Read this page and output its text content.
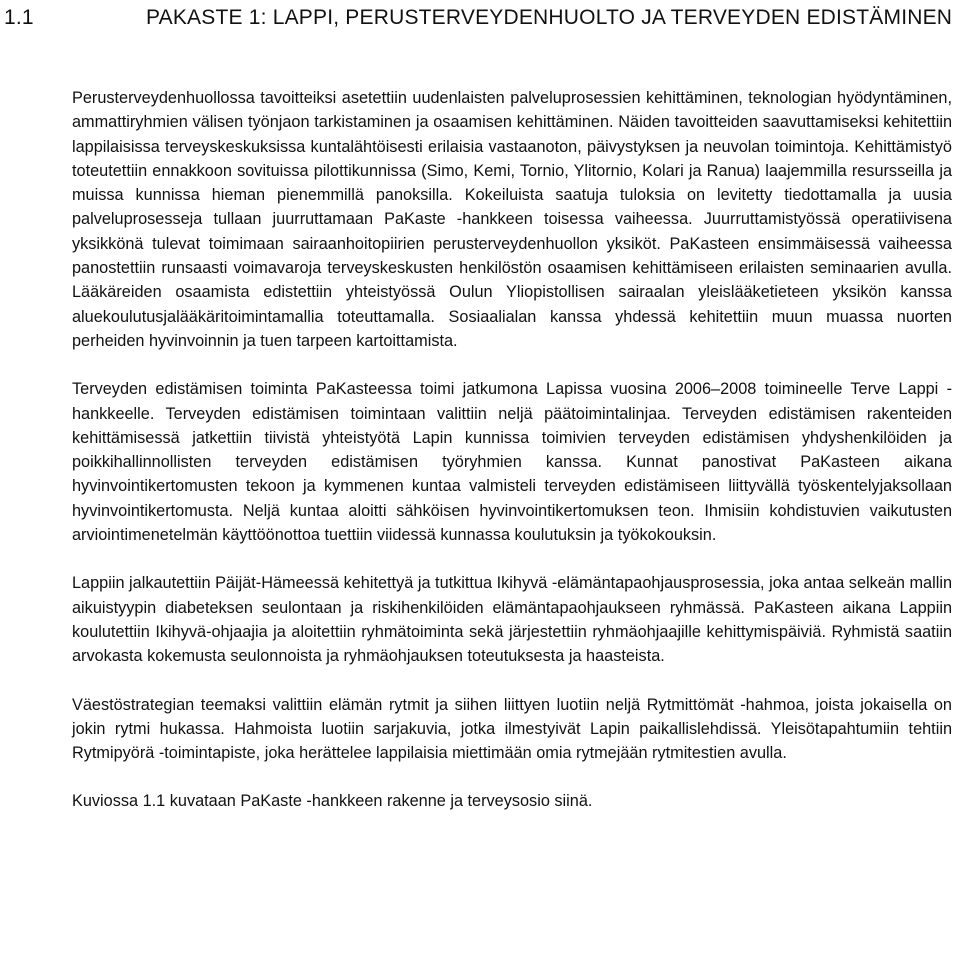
1.1	PAKASTE 1: LAPPI, PERUSTERVEYDENHUOLTO JA TERVEYDEN EDISTÄMINEN

Perusterveydenhuollossa tavoitteiksi asetettiin uudenlaisten palveluprosessien kehittäminen, teknologian hyödyntäminen, ammattiryhmien välisen työnjaon tarkistaminen ja osaamisen kehittäminen. Näiden tavoitteiden saavuttamiseksi kehitettiin lappilaisissa terveyskeskuksissa kuntalähtöisesti erilaisia vastaanoton, päivystyksen ja neuvolan toimintoja. Kehittämistyö toteutettiin ennakkoon sovituissa pilottikunnissa (Simo, Kemi, Tornio, Ylitornio, Kolari ja Ranua) laajemmilla resursseilla ja muissa kunnissa hieman pienemmillä panoksilla. Kokeiluista saatuja tuloksia on levitetty tiedottamalla ja uusia palveluprosesseja tullaan juurruttamaan PaKaste -hankkeen toisessa vaiheessa. Juurruttamistyössä operatiivisena yksikkönä tulevat toimimaan sairaanhoitopiirien perusterveydenhuollon yksiköt. PaKasteen ensimmäisessä vaiheessa panostettiin runsaasti voimavaroja terveyskeskusten henkilöstön osaamisen kehittämiseen erilaisten seminaarien avulla. Lääkäreiden osaamista edistettiin yhteistyössä Oulun Yliopistollisen sairaalan yleislääketieteen yksikön kanssa aluekoulutusjalääkäritoimintamallia toteuttamalla. Sosiaalialan kanssa yhdessä kehitettiin muun muassa nuorten perheiden hyvinvoinnin ja tuen tarpeen kartoittamista.

Terveyden edistämisen toiminta PaKasteessa toimi jatkumona Lapissa vuosina 2006–2008 toimineelle Terve Lappi -hankkeelle. Terveyden edistämisen toimintaan valittiin neljä päätoimintalinjaa. Terveyden edistämisen rakenteiden kehittämisessä jatkettiin tiivistä yhteistyötä Lapin kunnissa toimivien terveyden edistämisen yhdyshenkilöiden ja poikkihallinnollisten terveyden edistämisen työryhmien kanssa. Kunnat panostivat PaKasteen aikana hyvinvointikertomusten tekoon ja kymmenen kuntaa valmisteli terveyden edistämiseen liittyvällä työskentelyjaksollaan hyvinvointikertomusta. Neljä kuntaa aloitti sähköisen hyvinvointikertomuksen teon. Ihmisiin kohdistuvien vaikutusten arviointimenetelmän käyttöönottoa tuettiin viidessä kunnassa koulutuksin ja työkokouksin.

Lappiin jalkautettiin Päijät-Hämeessä kehitettyä ja tutkittua Ikihyvä -elämäntapaohjausprosessia, joka antaa selkeän mallin aikuistyypin diabeteksen seulontaan ja riskihenkilöiden elämäntapaohjaukseen ryhmässä. PaKasteen aikana Lappiin koulutettiin Ikihyvä-ohjaajia ja aloitettiin ryhmätoiminta sekä järjestettiin ryhmäohjaajille kehittymispäiviä. Ryhmistä saatiin arvokasta kokemusta seulonnoista ja ryhmäohjauksen toteutuksesta ja haasteista.

Väestöstrategian teemaksi valittiin elämän rytmit ja siihen liittyen luotiin neljä Rytmittömät -hahmoa, joista jokaisella on jokin rytmi hukassa. Hahmoista luotiin sarjakuvia, jotka ilmestyivät Lapin paikallislehdissä. Yleisötapahtumiin tehtiin Rytmipyörä -toimintapiste, joka herättelee lappilaisia miettimään omia rytmejään rytmitestien avulla.

Kuviossa 1.1 kuvataan PaKaste -hankkeen rakenne ja terveysosio siinä.
